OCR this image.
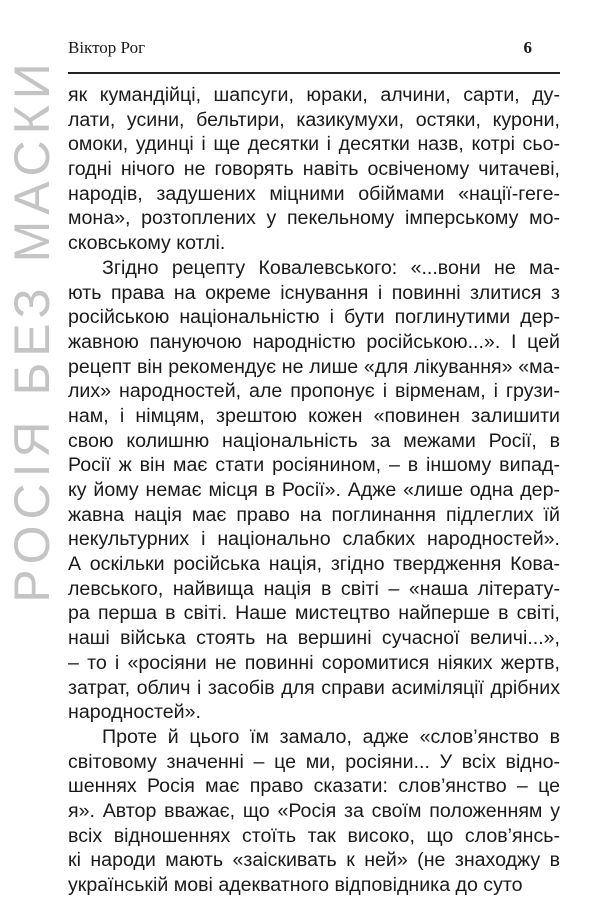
РОСІЯ БЕЗ МАСКИ
Віктор Рог	6
як кумандійці, шапсуги, юраки, алчини, сарти, ду-
лати, усини, бельтири, казикумухи, остяки, курони,
омоки, удинці і ще десятки і десятки назв, котрі сьо-
годні нічого не говорять навіть освіченому читачеві,
народів, задушених міцними обіймами «нації-геге-
мона», розтоплених у пекельному імперському мо-
сковському котлі.
Згідно рецепту Ковалевського: «...вони не ма-
ють права на окреме існування і повинні злитися з
російською національністю і бути поглинутими дер-
жавною панyючою народністю російською...». І цей
рецепт він рекомендує не лише «для лікування» «ма-
лих» народностей, але пропонує і вірменам, і грузи-
нам, і німцям, зрештою кожен «повинен залишити
свою колишню національність за межами Росії, в
Росії ж він має стати росіянином, – в іншому випад-
ку йому немає місця в Росії». Адже «лише одна дер-
жавна нація має право на поглинання підлеглих їй
некультурних і національно слабких народностей».
А оскільки російська нація, згідно твердження Кова-
левського, найвища нація в світі – «наша літерату-
ра перша в світі. Наше мистецтво найперше в світі,
наші війська стоять на вершині сучасної величі...»,
– то і «росіяни не повинні соромитися ніяких жертв,
затрат, облич і засобів для справи асиміляції дрібних
народностей».
Проте й цього їм замало, адже «слов’янство в
світовому значенні – це ми, росіяни... У всіх відно-
шеннях Росія має право сказати: слов’янство – це
я». Автор вважає, що «Росія за своїм положенням у
всіх відношеннях стоїть так високо, що слов’янсь-
кі народи мають «заіскивать к ней» (не знаходжу в
українській мові адекватного відповідника до суто
